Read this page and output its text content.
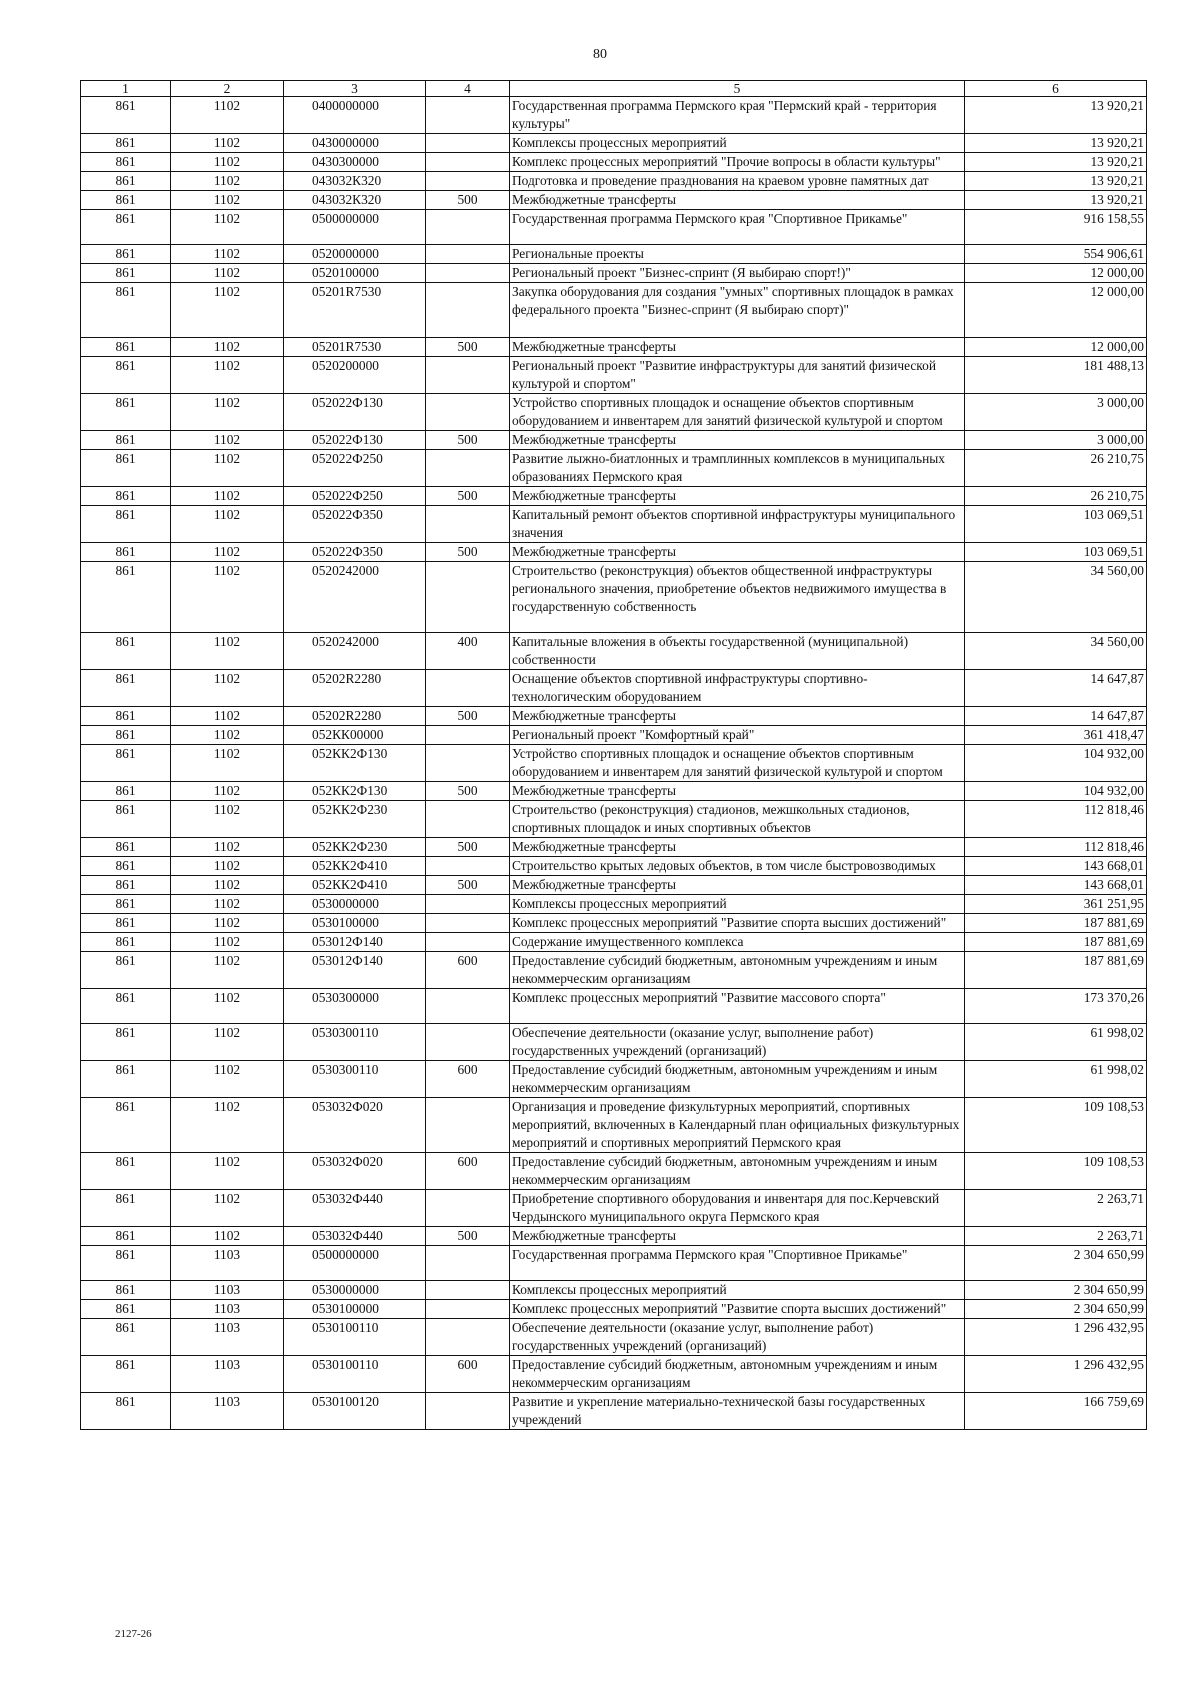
80
1	2	3	4	5	6
861	1102	0400000000		Государственная программа Пермского края "Пермский край - территория культуры"	13 920,21
861	1102	0430000000		Комплексы процессных мероприятий	13 920,21
861	1102	0430300000		Комплекс процессных мероприятий "Прочие вопросы в области культуры"	13 920,21
861	1102	043032К320		Подготовка и проведение празднования на краевом уровне памятных дат	13 920,21
861	1102	043032К320	500	Межбюджетные трансферты	13 920,21
861	1102	0500000000		Государственная программа Пермского края "Спортивное Прикамье"	916 158,55
861	1102	0520000000		Региональные проекты	554 906,61
861	1102	0520100000		Региональный проект "Бизнес-спринт (Я выбираю спорт!)"	12 000,00
861	1102	05201R7530		Закупка оборудования для создания "умных" спортивных площадок в рамках федерального проекта "Бизнес-спринт (Я выбираю спорт)"	12 000,00
861	1102	05201R7530	500	Межбюджетные трансферты	12 000,00
861	1102	0520200000		Региональный проект "Развитие инфраструктуры для занятий физической культурой и спортом"	181 488,13
861	1102	052022Ф130		Устройство спортивных площадок и оснащение объектов спортивным оборудованием и инвентарем для занятий физической культурой и спортом	3 000,00
861	1102	052022Ф130	500	Межбюджетные трансферты	3 000,00
861	1102	052022Ф250		Развитие лыжно-биатлонных и трамплинных комплексов в муниципальных образованиях Пермского края	26 210,75
861	1102	052022Ф250	500	Межбюджетные трансферты	26 210,75
861	1102	052022Ф350		Капитальный ремонт объектов спортивной инфраструктуры муниципального значения	103 069,51
861	1102	052022Ф350	500	Межбюджетные трансферты	103 069,51
861	1102	0520242000		Строительство (реконструкция) объектов общественной инфраструктуры регионального значения, приобретение объектов недвижимого имущества в государственную собственность	34 560,00
861	1102	0520242000	400	Капитальные вложения в объекты государственной (муниципальной) собственности	34 560,00
861	1102	05202R2280		Оснащение объектов спортивной инфраструктуры спортивно-технологическим оборудованием	14 647,87
861	1102	05202R2280	500	Межбюджетные трансферты	14 647,87
861	1102	052КК00000		Региональный проект "Комфортный край"	361 418,47
861	1102	052КК2Ф130		Устройство спортивных площадок и оснащение объектов спортивным оборудованием и инвентарем для занятий физической культурой и спортом	104 932,00
861	1102	052КК2Ф130	500	Межбюджетные трансферты	104 932,00
861	1102	052КК2Ф230		Строительство (реконструкция) стадионов, межшкольных стадионов, спортивных площадок и иных спортивных объектов	112 818,46
861	1102	052КК2Ф230	500	Межбюджетные трансферты	112 818,46
861	1102	052КК2Ф410		Строительство крытых ледовых объектов, в том числе быстровозводимых	143 668,01
861	1102	052КК2Ф410	500	Межбюджетные трансферты	143 668,01
861	1102	0530000000		Комплексы процессных мероприятий	361 251,95
861	1102	0530100000		Комплекс процессных мероприятий "Развитие спорта высших достижений"	187 881,69
861	1102	053012Ф140		Содержание имущественного комплекса	187 881,69
861	1102	053012Ф140	600	Предоставление субсидий бюджетным, автономным учреждениям и иным некоммерческим организациям	187 881,69
861	1102	0530300000		Комплекс процессных мероприятий "Развитие массового спорта"	173 370,26
861	1102	0530300110		Обеспечение деятельности (оказание услуг, выполнение работ) государственных учреждений (организаций)	61 998,02
861	1102	0530300110	600	Предоставление субсидий бюджетным, автономным учреждениям и иным некоммерческим организациям	61 998,02
861	1102	053032Ф020		Организация и проведение физкультурных мероприятий, спортивных мероприятий, включенных в Календарный план официальных физкультурных мероприятий и спортивных мероприятий Пермского края	109 108,53
861	1102	053032Ф020	600	Предоставление субсидий бюджетным, автономным учреждениям и иным некоммерческим организациям	109 108,53
861	1102	053032Ф440		Приобретение спортивного оборудования и инвентаря для пос.Керчевский Чердынского муниципального округа Пермского края	2 263,71
861	1102	053032Ф440	500	Межбюджетные трансферты	2 263,71
861	1103	0500000000		Государственная программа Пермского края "Спортивное Прикамье"	2 304 650,99
861	1103	0530000000		Комплексы процессных мероприятий	2 304 650,99
861	1103	0530100000		Комплекс процессных мероприятий "Развитие спорта высших достижений"	2 304 650,99
861	1103	0530100110		Обеспечение деятельности (оказание услуг, выполнение работ) государственных учреждений (организаций)	1 296 432,95
861	1103	0530100110	600	Предоставление субсидий бюджетным, автономным учреждениям и иным некоммерческим организациям	1 296 432,95
861	1103	0530100120		Развитие и укрепление материально-технической базы государственных учреждений	166 759,69
2127-26
